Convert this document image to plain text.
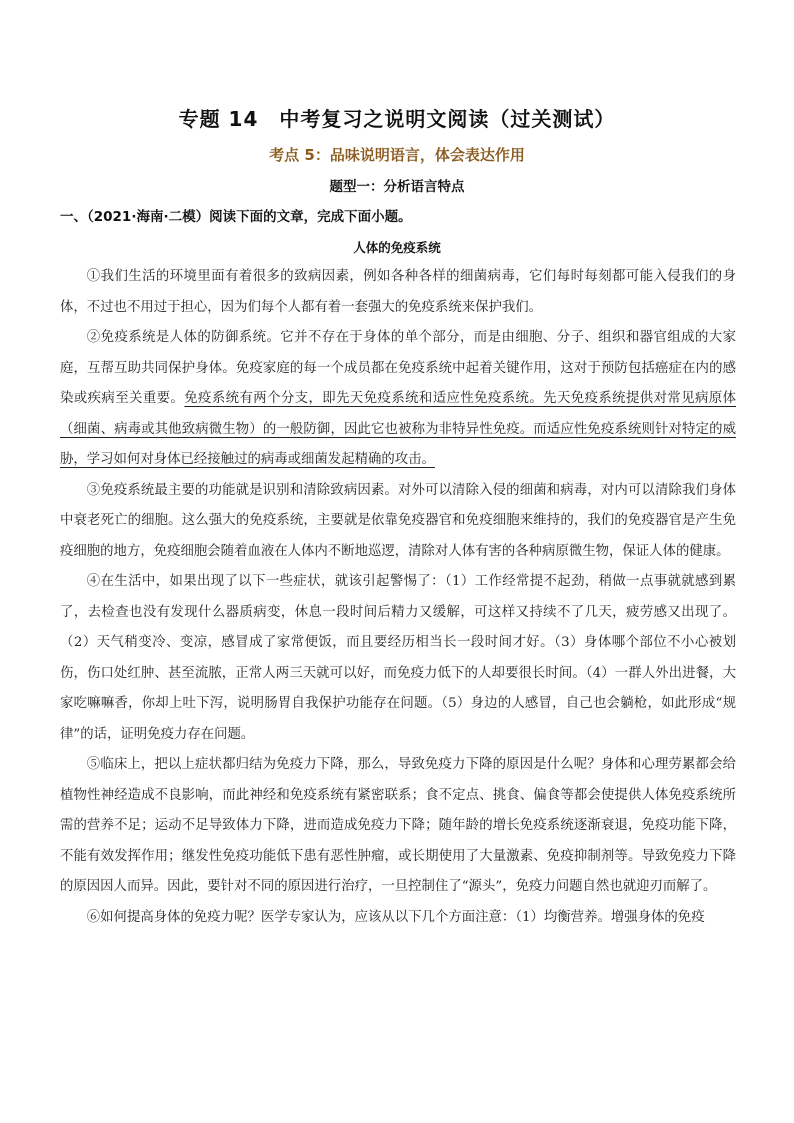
专题 14　中考复习之说明文阅读（过关测试）
考点 5：品味说明语言，体会表达作用
题型一：分析语言特点
一、（2021·海南·二模）阅读下面的文章，完成下面小题。
人体的免疫系统

①我们生活的环境里面有着很多的致病因素，例如各种各样的细菌病毒，它们每时每刻都可能入侵我们的身体，不过也不用过于担心，因为们每个人都有着一套强大的免疫系统来保护我们。

②免疫系统是人体的防御系统。它并不存在于身体的单个部分，而是由细胞、分子、组织和器官组成的大家庭，互帮互助共同保护身体。免疫家庭的每一个成员都在免疫系统中起着关键作用，这对于预防包括癌症在内的感染或疾病至关重要。免疫系统有两个分支，即先天免疫系统和适应性免疫系统。先天免疫系统提供对常见病原体（细菌、病毒或其他致病微生物）的一般防御，因此它也被称为非特异性免疫。而适应性免疫系统则针对特定的威胁，学习如何对身体已经接触过的病毒或细菌发起精确的攻击。

③免疫系统最主要的功能就是识别和清除致病因素。对外可以清除入侵的细菌和病毒，对内可以清除我们身体中衰老死亡的细胞。这么强大的免疫系统，主要就是依靠免疫器官和免疫细胞来维持的，我们的免疫器官是产生免疫细胞的地方，免疫细胞会随着血液在人体内不断地巡逻，清除对人体有害的各种病原微生物，保证人体的健康。

④在生活中，如果出现了以下一些症状，就该引起警惕了：（1）工作经常提不起劲，稍做一点事就就感到累了，去检查也没有发现什么器质病变，休息一段时间后精力又缓解，可这样又持续不了几天，疲劳感又出现了。（2）天气稍变冷、变凉，感冒成了家常便饭，而且要经历相当长一段时间才好。（3）身体哪个部位不小心被划伤，伤口处红肿、甚至流脓，正常人两三天就可以好，而免疫力低下的人却要很长时间。（4）一群人外出进餐，大家吃嘛嘛香，你却上吐下泻，说明肠胃自我保护功能存在问题。（5）身边的人感冒，自己也会躺枪，如此形成“规律”的话，证明免疫力存在问题。

⑤临床上，把以上症状都归结为免疫力下降，那么，导致免疫力下降的原因是什么呢？身体和心理劳累都会给植物性神经造成不良影响，而此神经和免疫系统有紧密联系；食不定点、挑食、偏食等都会使提供人体免疫系统所需的营养不足；运动不足导致体力下降，进而造成免疫力下降；随年龄的增长免疫系统逐渐衰退，免疫功能下降，不能有效发挥作用；继发性免疫功能低下患有恶性肿瘤，或长期使用了大量激素、免疫抑制剂等。导致免疫力下降的原因因人而异。因此，要针对不同的原因进行治疗，一旦控制住了“源头”，免疫力问题自然也就迎刃而解了。

⑥如何提高身体的免疫力呢？医学专家认为，应该从以下几个方面注意：（1）均衡营养。增强身体的免疫
